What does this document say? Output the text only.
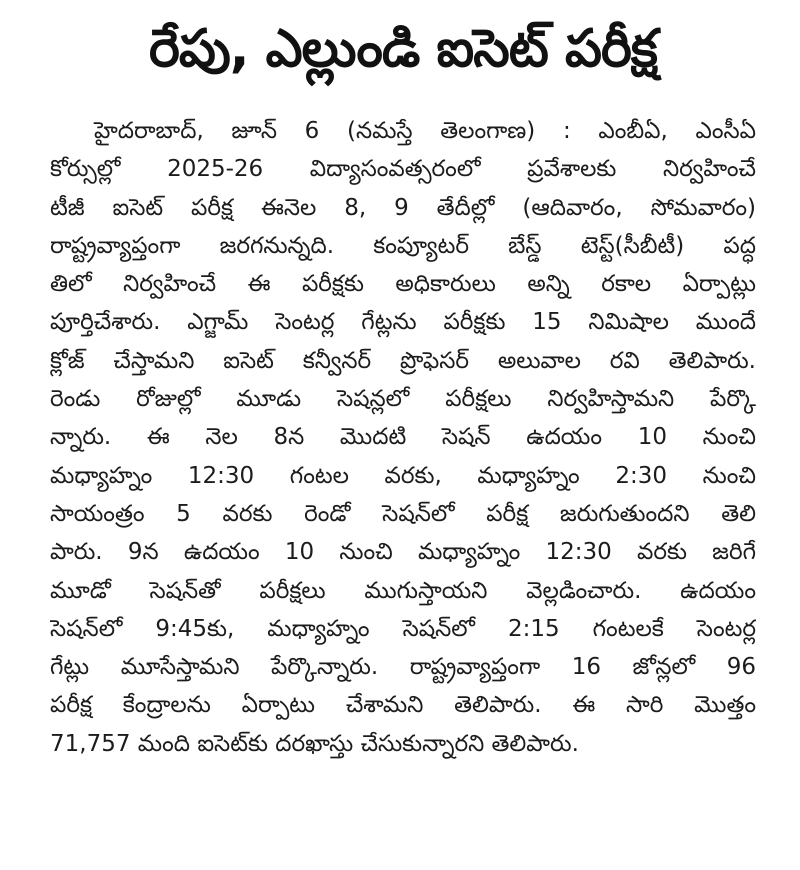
రేపు, ఎల్లుండి ఐసెట్ పరీక్ష
హైదరాబాద్, జూన్ 6 (నమస్తే తెలంగాణ) : ఎంబీఏ, ఎంసీఏ
కోర్సుల్లో 2025-26 విద్యాసంవత్సరంలో ప్రవేశాలకు నిర్వహించే
టీజీ ఐసెట్ పరీక్ష ఈనెల 8, 9 తేదీల్లో (ఆదివారం, సోమవారం)
రాష్ట్రవ్యాప్తంగా జరగనున్నది. కంప్యూటర్ బేస్డ్ టెస్ట్(సీబీటీ) పద్ధ
తిలో నిర్వహించే ఈ పరీక్షకు అధికారులు అన్ని రకాల ఏర్పాట్లు
పూర్తిచేశారు. ఎగ్జామ్ సెంటర్ల గేట్లను పరీక్షకు 15 నిమిషాల ముందే
క్లోజ్ చేస్తామని ఐసెట్ కన్వీనర్ ప్రొఫెసర్ అలువాల రవి తెలిపారు.
రెండు రోజుల్లో మూడు సెషన్లలో పరీక్షలు నిర్వహిస్తామని పేర్కొ
న్నారు. ఈ నెల 8న మొదటి సెషన్ ఉదయం 10 నుంచి
మధ్యాహ్నం 12:30 గంటల వరకు, మధ్యాహ్నం 2:30 నుంచి
సాయంత్రం 5 వరకు రెండో సెషన్‌లో పరీక్ష జరుగుతుందని తెలి
పారు. 9న ఉదయం 10 నుంచి మధ్యాహ్నం 12:30 వరకు జరిగే
మూడో సెషన్‌తో పరీక్షలు ముగుస్తాయని వెల్లడించారు. ఉదయం
సెషన్‌లో 9:45కు, మధ్యాహ్నం సెషన్‌లో 2:15 గంటలకే సెంటర్ల
గేట్లు మూసేస్తామని పేర్కొన్నారు. రాష్ట్రవ్యాప్తంగా 16 జోన్లలో 96
పరీక్ష కేంద్రాలను ఏర్పాటు చేశామని తెలిపారు. ఈ సారి మొత్తం
71,757 మంది ఐసెట్‌కు దరఖాస్తు చేసుకున్నారని తెలిపారు.
